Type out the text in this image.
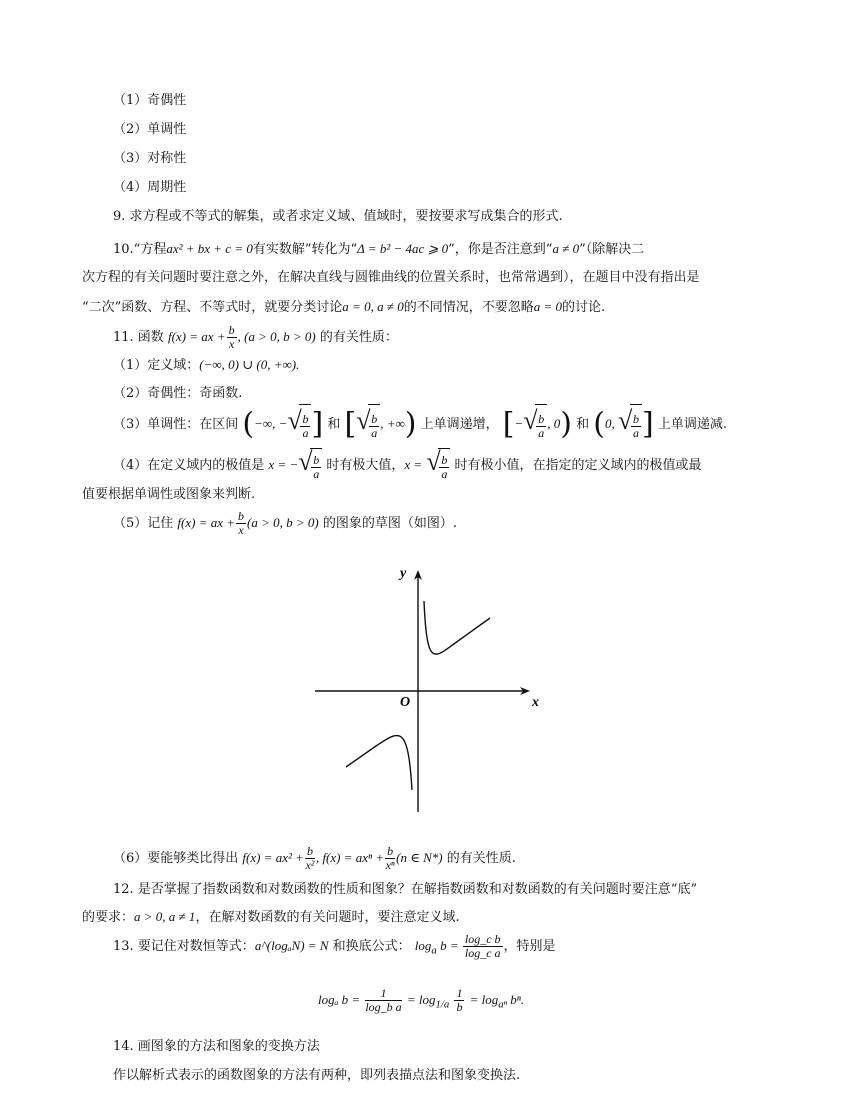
（1）奇偶性
（2）单调性
（3）对称性
（4）周期性
9. 求方程或不等式的解集，或者求定义域、值域时，要按要求写成集合的形式.
10.“方程ax² + bx + c = 0有实数解”转化为“Δ = b² − 4ac ⩾ 0”，你是否注意到“a ≠ 0”（除解决二
次方程的有关问题时要注意之外，在解决直线与圆锥曲线的位置关系时，也常常遇到），在题目中没有指出是
“二次”函数、方程、不等式时，就要分类讨论a = 0, a ≠ 0的不同情况，不要忽略a = 0的讨论.
11. 函数 f(x) = ax + $\frac{b}{x}$ , (a > 0, b > 0) 的有关性质：
（1）定义域：(−∞, 0) ∪ (0, +∞).
（2）奇偶性：奇函数.
（3）单调性：在区间 (−∞, − √
$\frac{b}{a}$ ] 和 [ √
$\frac{b}{a}$ , +∞) 上单调递增， [− √
$\frac{b}{a}$ , 0) 和 (0, √
$\frac{b}{a}$ ] 上单调递减.
（4）在定义域内的极值是 x = − √
$\frac{b}{a}$ 时有极大值，x = √
$\frac{b}{a}$ 时有极小值，在指定的定义域内的极值或最
值要根据单调性或图象来判断.
（5）记住 f(x) = ax + $\frac{b}{x} (a > 0$, b > 0) 的图象的草图（如图）.
y
x
O
（6）要能够类比得出 $f(x) = ax^2 + \frac{b}{\text{x²}}$ , $f(x) = ax^n + \frac{b}{\text{xⁿ}} (n$ ∈ N*) 的有关性质.
12. 是否掌握了指数函数和对数函数的性质和图象？在解指数函数和对数函数的有关问题时要注意“底”
的要求：a > 0, a ≠ 1，在解对数函数的有关问题时，要注意定义域.
13. 要记住对数恒等式：a^(logₐN) = N 和换底公式： $\log_a b = \frac{\text{log\_c b}}{\text{log\_c a}}$ ，特别是
logₐ $b = \frac{1}{\text{log\_b a}} = \log_{1/a} \frac{1}{b} = \log_{a^n} b^n$.
14. 画图象的方法和图象的变换方法
作以解析式表示的函数图象的方法有两种，即列表描点法和图象变换法.
